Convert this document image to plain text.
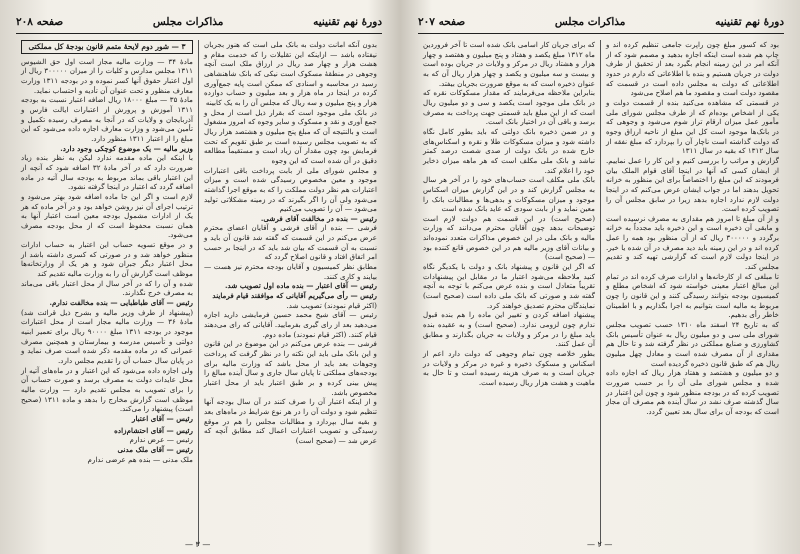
دورهٔ نهم تقنینیه
مذاکرات مجلس
صفحه ۲۰۸

بدون آنکه امانت دولت به بانک ملی است که هنوز بجریان نیفتاده باشد — ازاینکه این تقلیلات را که خدمت مقام و هشت هزار و چهار صد ریال در ارزاق ملک است آنچه وجوهی در منطقهٔ مسکوک است نیکی که بانک شاهنشاهی رسید در محاسبه و اسنادی که ممکن است پایه جمع‌آوری کرده در اینجا در ماه هزار و بعد میلیون و حساب دوازده هزار و پنج میلیون و سه ریال که مجلس آن را به یک کابینه

در بانک ملی موجود است که بقرار ذیل است از محل و جمع آوری و نقد و مسکوک و سایر وجوه که امروز مشغول است و بالنتیجه آن که مبلغ پنج میلیون و هشتصد هزار ریال که به تصویب مجلس رسیده است بر طبق تقویم که تحت فرمایش بود چون مقدار آن زیاد است و مستقیماً مطالعه دقیق در آن شده است که این وجوه

و مجلس شورای ملی از بابت پرداخت باقی اعتبارات موجود و معین مخصوص رسیدگی شده است و میزان اعتبارات هم نظر دولت مملکت را که به موقع اجرا گذاشته می‌شود ولی آن را اگر بگیرند که در زمینه مشکلاتی تولید می‌شود — آن را تصویب می‌کنیم

رئیس — بنده در مخالفت آقای فرشی.

فرشی — بنده از آقای فرشی و آقایان اعضای محترم عرض می‌کنم در این قسمت که گفته شد قانون آن باید و نسبت به آن قسمت که بیان شد باید که در اینجا بر حسب امر اتفاق افتاد و قانون اصلاح گردد که

مطابق نظر کمیسیون و آقایان بودجه محترم نیز هست — بیایند و کاری کنند.

رئیس — آقای اعتبار — بنده ماده اول تصویب شد.

رئیس — رأی می‌گیریم آقایانی که موافقند قیام فرمایند

(اکثر قیام نمودند) تصویب شد.

رئیس — آقای شیخ محمد حسین فرمایشی دارید اجازه می‌دهید بعد از رای گیری بفرمایید. آقایانی که رای می‌دهند قیام کنند. (اکثر قیام نمودند) ماده دوم.

فرشی — بنده عرض می‌کنم در این موضوع در این قانون و این بانک ملی باید این نکته را در نظر گرفت که پرداخت وجوهات بعد باید از محل باشد که وزارت مالیه برای بودجه‌های مملکتی تا پایان سال جاری و سال آینده مبالغ را پیش بینی کرده و بر طبق اعتبار باید از محل اعتبار مخصوص باشد.

و از اینکه اعتبار آن را صرف کنند در آن سال بودجه آنها تنظیم شود و دولت آن را در هر نوع شرایط در ماه‌های بعد و بقیه سال بپردازد و مطالبات مجلس را هم در موقع رسیدگی و تصویب اعتبارات اعمال کند مطابق آنچه که عرض شد — (صحیح است)

۳ — شور دوم لایحهٔ متمم قانون بودجهٔ کل مملکتی

مادهٔ ۳۴ — وزارت مالیه مجاز است اول حق الشیوس ۱۳۱۱ مجلس مدارس و کلیات را از میزان ۳۰۰۰۰۰ ریال از اول اعتبار حقوق آنها کسر نموده و در بودجه ۱۳۱۱ وزارت معارف منظور و تحت عنوان آن تأدیه و احتساب نماید.

مادهٔ ۳۵ — مبلغ ۱۸۰۰۰ ریال اضافه اعتبار نسبت به بودجه ۱۳۱۱ آموزش و پرورش از اعتبارات ایالت فارس و آذربایجان و ولایات که در آنجا به مصرف رسیده تکمیل و تأمین می‌شود و وزارت معارف اجازه داده می‌شود که این مبلغ را از اعتبار ۱۳۱۱ منظور دارد.

وزیر مالیه — یک موضوع کوچکی وجود دارد.

با اینکه این ماده مقدمه ندارد لیکن به نظر بنده زیاد ضرورت دارد که در آخر مادهٔ ۳۲ اضافه شود که آنچه از این اعتبار باقی بماند مربوط به بودجه سال آتیه در ماده اضافه گردد که اعتبار در اینجا گرفته نشود.

لازم است و اگر این جا ماده اضافه شود بهتر می‌شود و ترتیب اجرای آن نیز روشن خواهد بود و در آخر ماده که هر یک از ادارات مشمول بودجه معین است اعتبار آنها به همان نسبت محفوظ است که از محل بودجه مصرف می‌شود.

و در موقع تسویه حساب این اعتبار به حساب ادارات منظور خواهد شد و در صورتی که کسری داشته باشد از محل اعتبار دیگر جبران شود و هر یک از وزارتخانه‌ها موظف است گزارش آن را به وزارت مالیه تقدیم کند

شده و آن را که در آخر سال از محل اعتبار باقی می‌ماند به مصرف خرج نگذارند.

رئیس — آقای طباطبایی — بنده مخالفت ندارم.

(پیشنهاد از طرف وزیر مالیه و بشرح ذیل قرائت شد) مادهٔ ۳۶ — وزارت مالیه مجاز است از محل اعتبارات موجود در بودجه ۱۳۱۱ مبلغ ۹۰۰۰۰ ریال برای تعمیر ابنیه دولتی و تأسیس مدرسه و بیمارستان و همچنین مصرف عمرانی که در ماده مقدمه ذکر شده است صرف نماید و در پایان سال حساب آن را تقدیم مجلس دارد.

ولی اجازه داده می‌شود که این اعتبار و در ماه‌های آتیه از محل عایدات دولت به مصرف برسد و صورت حساب آن را برای تصویب به مجلس تقدیم دارد — وزارت مالیه موظف است گزارش مخارج را بدهد و ماده ۱۳۱۱ (صحیح است) پیشنهاد را می‌کند.

رئیس — آقای اعتبار

رئیس — آقای احتشام‌زاده

رئیس — عرض ندارم

رئیس — آقای ملک مدنی

ملک مدنی — بنده هم عرضی ندارم

— ۳ —
دورهٔ نهم تقنینیه
مذاکرات مجلس
صفحه ۲۰۷

بود که کسور مبلغ چون راپرت جامعی تنظیم کرده اند و چاپ هم شده است اینکه اجازه بدهید و مصمم شود که از آنکه امر در این زمینه انجام بگیرد بعد از تحقیق از طرف دولت در جریان هستیم و بنده با اطلاعاتی که دارم در حدود اطلاعاتی که دولت به مجلس داده است در قسمت که مقصود دولت است و مقصود ما هم اصلاح می‌شود

در قسمتی که مشاهده می‌کنید بنده از قسمت دولت و یکی از اشخاص بوده‌ام که از طرف مجلس شورای ملی مأمور عمل میزان ارقام تراز شوم می‌شود و وجوهی که در بانک‌ها موجود است کل این مبلغ از ناحیه ارزاق وجوه که دولت گذاشته است ناچار آن را بپردازد که مبلغ نفقه از سال ۱۳۱۲ که بقیه در سال ۱۳۱۱

گزارش و مراتب را بررسی کنیم و این کار را عمل نماییم. از ایشان کسی که آنها در اینجا آقای قوام الملک بیان فرمودند که این مبلغ را اختصاصاً برای این منظور به خزانه تحویل بدهند اما در جواب ایشان عرض می‌کنم که در اینجا دولت لازم ندارد اجازه بدهد زیرا در سابق مجلس آن را تصویب کرده است.

و از آن مبلغ تا امروز هم مقداری به مصرف نرسیده است و مابقی آن ذخیره است و این ذخیره باید مجدداً به خزانه برگردد و ۳۰۰۰۰۰ ریال که از آن منظور بود همه را عمل کرده اند و در این زمینه باید دید مصرف در آن شده یا خیر. در اینجا دولت لازم است که گزارشی تهیه کند و تقدیم مجلس کند.

تا مبلغی که از کارخانه‌ها و ادارات صرف کرده اند در تمام این مبالغ اعتبار معینی خواسته شود که اشخاص مطلع و کمیسیون بودجه بتوانند رسیدگی کنند و این قانون را چون مربوط به مالیه است بتوانیم به اجرا بگذاریم و با اطمینان خاطر رأی بدهیم.

که به تاریخ ۲۴ اسفند ماه ۱۳۱۰ حسب تصویب مجلس شورای ملی سی و دو میلیون ریال به عنوان تأسیس بانک کشاورزی و صنایع مملکتی در نظر گرفته شد و تا حال هم مقداری از آن مصرف شده است و معادل چهل میلیون ریال هم که طبق قانون ذخیره گردیده است

و دو میلیون و هشتصد و هفتاد هزار ریال که اجازه داده شده و مجلس شورای ملی آن را بر حسب ضرورت تصویب کرده که در بودجه منظور شود و چون این اعتبار در سال گذشته صرف نشد در سال آینده هم مصرف آن مجاز است که بودجه آن برای سال بعد تعیین گردد.

که برای جریان کار اسامی بانک شده است تا آخر فروردین ماه ۱۳۱۲ مبلغ یکصد و هفتاد و پنج میلیون و هفتصد و چهار هزار و هشتاد ریال در مرکز و ولایات در جریان بوده است و بیست و سه میلیون و یکصد و چهار هزار ریال آن که به عنوان ذخیره است که به موقع ضرورت بجریان بیفتد.

بنابراین ملاحظه می‌فرمایند که مقدار مسکوکات نقره که در بانک ملی موجود است یکصد و سی و دو میلیون ریال است که از این مبلغ باید قسمتی جهت پرداخت به مصرف برسد و باقی آن در اختیار بانک است.

و در ضمن ذخیره بانک دولتی که باید بطور کامل نگاه داشته شود و میزان مسکوکات طلا و نقره و اسکناس‌های خارج شده در بانک دولت از صدی شصت درصد کمتر نباشد و بانک ملی مکلف است که هر ماهه میزان ذخایر خود را اعلام کند.

بانک ملی مکلف است حساب‌های خود را در آخر هر سال به مجلس گزارش کند و در این گزارش میزان اسکناس موجود و میزان مسکوکات و بدهی‌ها و مطالبات بانک را معین نماید و از بابت سودی که عاید بانک شده است

(صحیح است) در این قسمت هم دولت لازم است توضیحات بدهد چون آقایان محترم می‌دانند که وزارت مالیه و بانک ملی در این خصوص مذاکرات متعدد نموده‌اند و بیانات آقای وزیر مالیه هم در این خصوص قانع کننده بود — (صحیح است)

که اگر این قانون و پیشنهاد بانک و دولت با یکدیگر نگاه کنید ملاحظه می‌شود اعتبار ما در مقابل این پیشنهادات تقریباً متعادل است و بنده عرض می‌کنم با توجه به آنچه گفته شد و صورتی که بانک ملی داده است (صحیح است) نمایندگان محترم تصدیق خواهند کرد.

پیشنهاد اضافه کردن و تغییر این ماده را هم بنده قبول ندارم چون لزومی ندارد. (صحیح است) و به عقیده بنده باید مبلغ را در مرکز و ولایات به جریان بگذارند و مطابق آن عمل کنند.

بطور خلاصه چون تمام وجوهی که دولت دارد اعم از اسکناس و مسکوک ذخیره و غیره در مرکز و ولایات در جریان است و به صرف هزینه رسیده است و تا حال به ماهیت و هشت هزار ریال رسیده است.

— ۲ —
